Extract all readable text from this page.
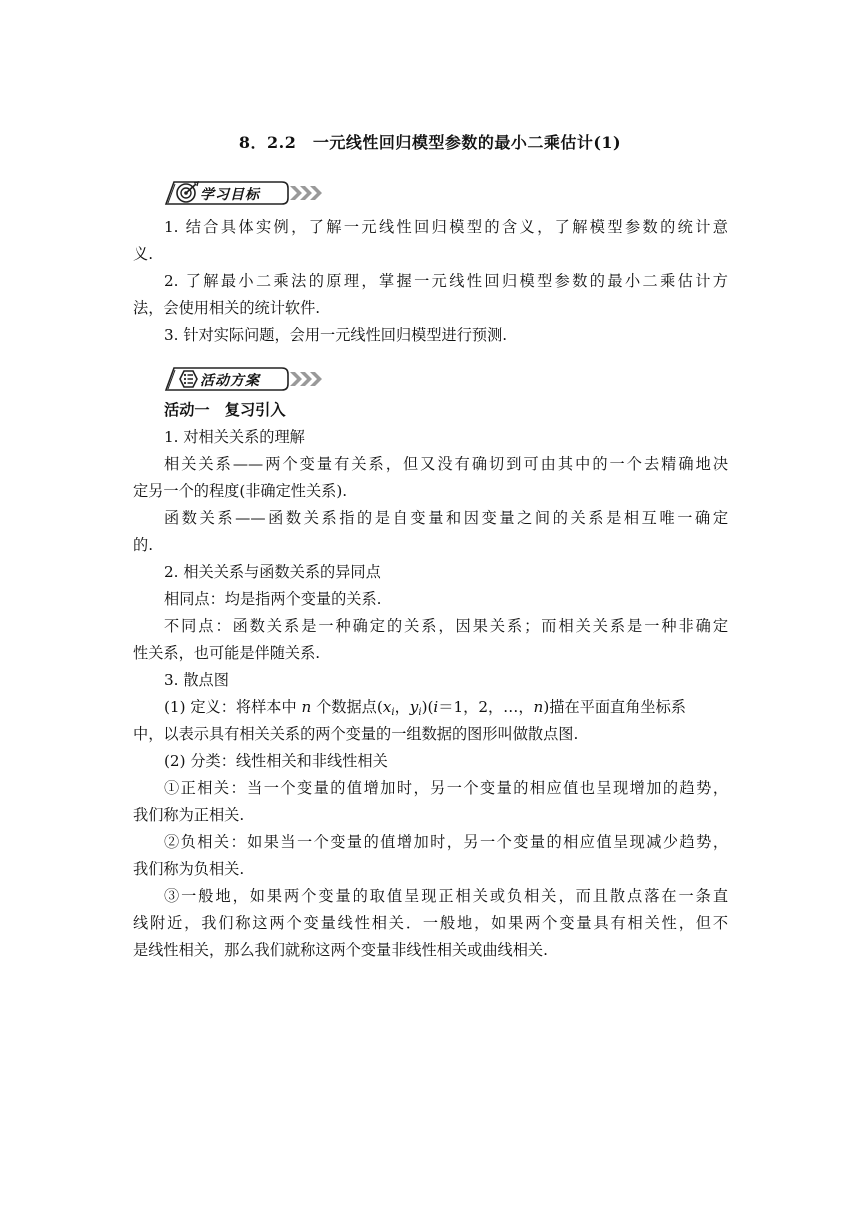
8．2.2　一元线性回归模型参数的最小二乘估计(1)
学习目标
1. 结合具体实例，了解一元线性回归模型的含义，了解模型参数的统计意
义.
2. 了解最小二乘法的原理，掌握一元线性回归模型参数的最小二乘估计方
法，会使用相关的统计软件.
3. 针对实际问题，会用一元线性回归模型进行预测.
活动方案
活动一　复习引入
1. 对相关关系的理解
相关关系——两个变量有关系，但又没有确切到可由其中的一个去精确地决
定另一个的程度(非确定性关系).
函数关系——函数关系指的是自变量和因变量之间的关系是相互唯一确定
的.
2. 相关关系与函数关系的异同点
相同点：均是指两个变量的关系.
不同点：函数关系是一种确定的关系，因果关系；而相关关系是一种非确定
性关系，也可能是伴随关系.
3. 散点图
(1) 定义：将样本中 n 个数据点($x_i$，$y_i)(i=1$，2，…，n)描在平面直角坐标系
中，以表示具有相关关系的两个变量的一组数据的图形叫做散点图.
(2) 分类：线性相关和非线性相关
①正相关：当一个变量的值增加时，另一个变量的相应值也呈现增加的趋势，
我们称为正相关.
②负相关：如果当一个变量的值增加时，另一个变量的相应值呈现减少趋势，
我们称为负相关.
③一般地，如果两个变量的取值呈现正相关或负相关，而且散点落在一条直
线附近，我们称这两个变量线性相关．一般地，如果两个变量具有相关性，但不
是线性相关，那么我们就称这两个变量非线性相关或曲线相关.
